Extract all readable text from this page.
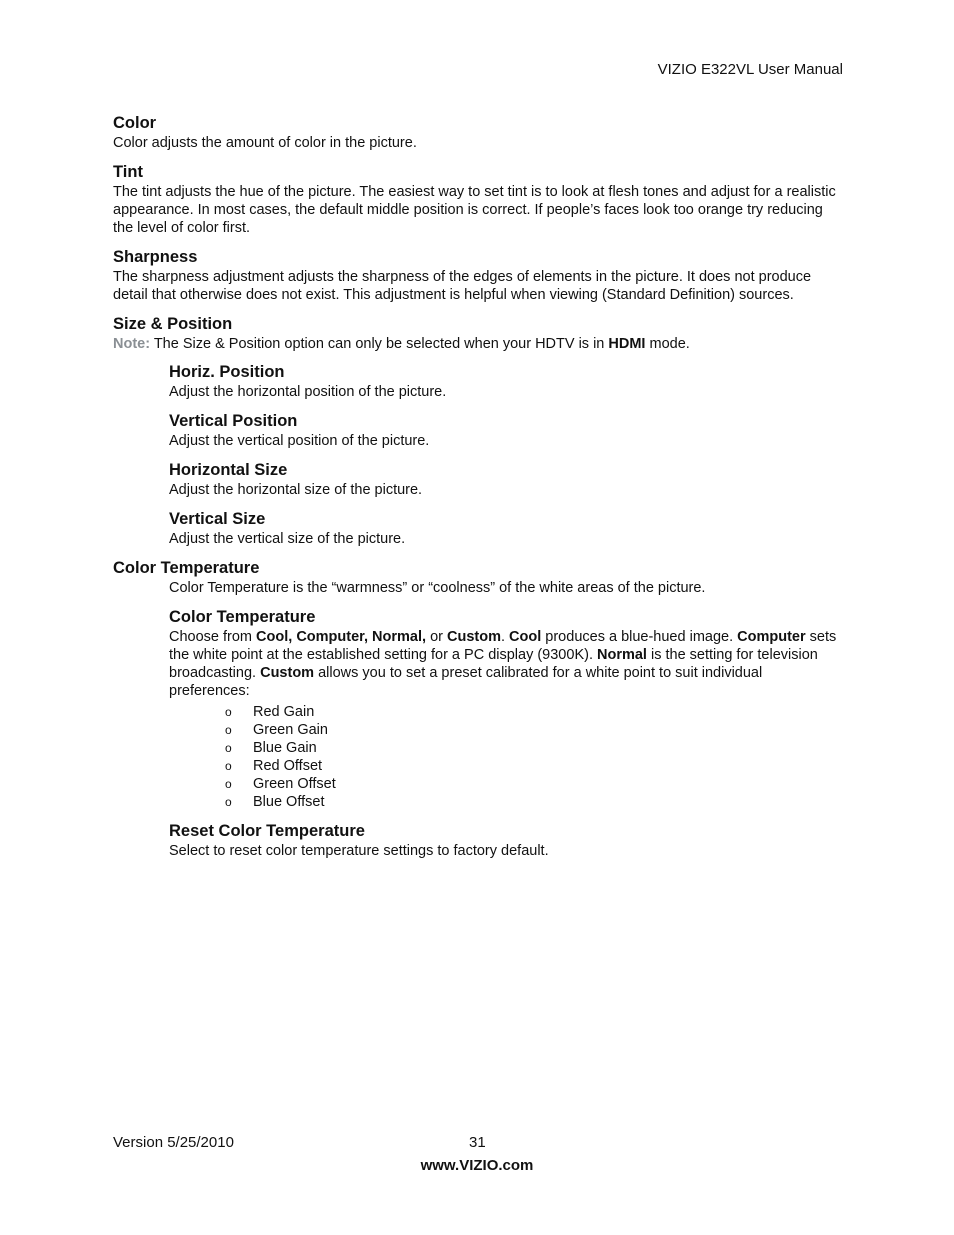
VIZIO E322VL User Manual
Color

Color adjusts the amount of color in the picture.

Tint

The tint adjusts the hue of the picture. The easiest way to set tint is to look at flesh tones and adjust for a realistic appearance. In most cases, the default middle position is correct. If people’s faces look too orange try reducing the level of color first.

Sharpness

The sharpness adjustment adjusts the sharpness of the edges of elements in the picture. It does not produce detail that otherwise does not exist. This adjustment is helpful when viewing (Standard Definition) sources.

Size & Position

Note: The Size & Position option can only be selected when your HDTV is in HDMI mode.

Horiz. Position

Adjust the horizontal position of the picture.

Vertical Position

Adjust the vertical position of the picture.

Horizontal Size

Adjust the horizontal size of the picture.

Vertical Size

Adjust the vertical size of the picture.

Color Temperature

Color Temperature is the “warmness” or “coolness” of the white areas of the picture.

Color Temperature

Choose from Cool, Computer, Normal, or Custom. Cool produces a blue-hued image. Computer sets the white point at the established setting for a PC display (9300K). Normal is the setting for television broadcasting. Custom allows you to set a preset calibrated for a white point to suit individual preferences:

o Red Gain
o Green Gain
o Blue Gain
o Red Offset
o Green Offset
o Blue Offset
Reset Color Temperature

Select to reset color temperature settings to factory default.

Version 5/25/2010	31
www.VIZIO.com
